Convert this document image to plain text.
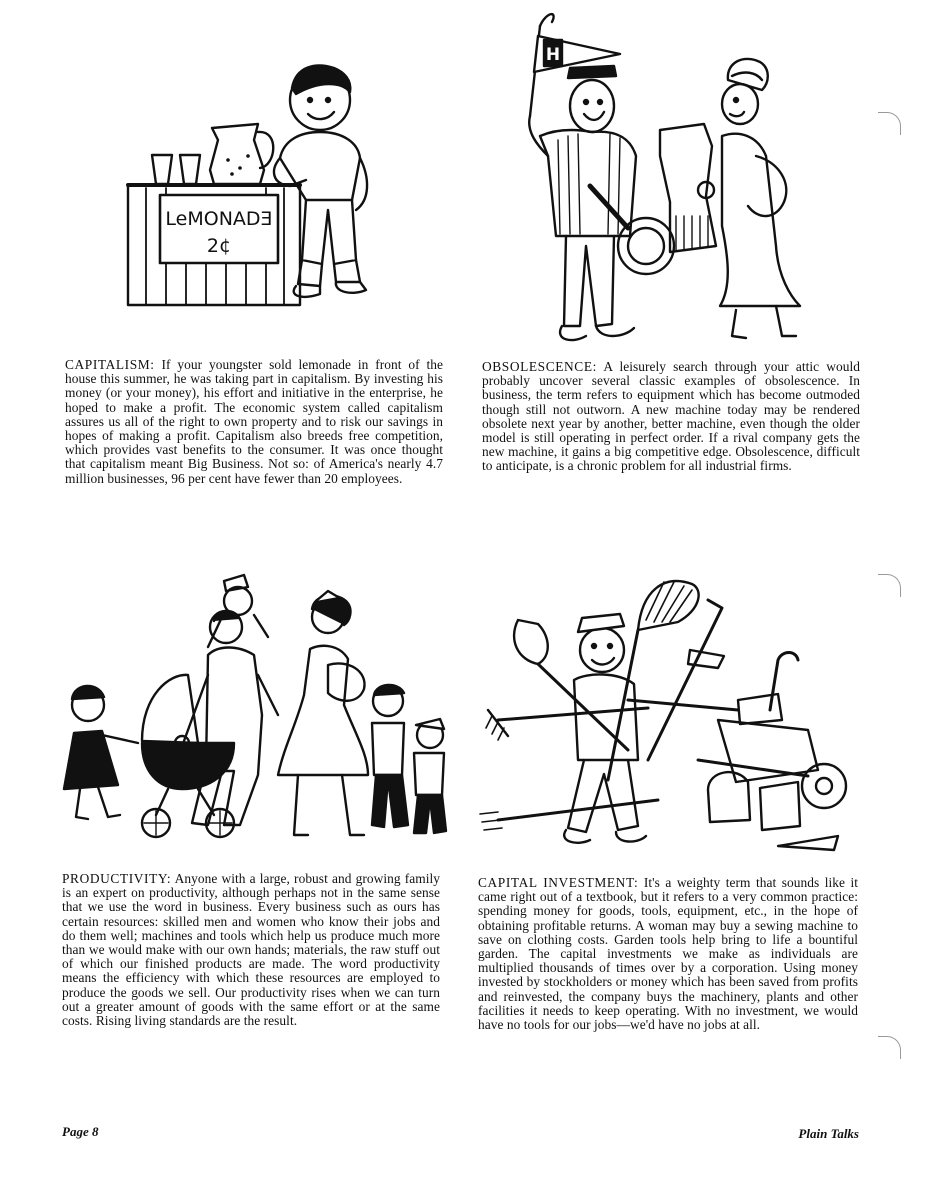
LeMONADƎ
2¢
H
CAPITALISM: If your youngster sold lemonade in front of the house this summer, he was taking part in capitalism. By investing his money (or your money), his effort and initiative in the enterprise, he hoped to make a profit. The economic system called capitalism assures us all of the right to own property and to risk our savings in hopes of making a profit. Capitalism also breeds free competition, which provides vast benefits to the consumer. It was once thought that capitalism meant Big Business. Not so: of America's nearly 4.7 million businesses, 96 per cent have fewer than 20 employees.
OBSOLESCENCE: A leisurely search through your attic would probably uncover several classic examples of obsolescence. In business, the term refers to equipment which has become outmoded though still not outworn. A new machine today may be rendered obsolete next year by another, better machine, even though the older model is still operating in perfect order. If a rival company gets the new machine, it gains a big competitive edge. Obsolescence, difficult to anticipate, is a chronic problem for all industrial firms.
PRODUCTIVITY: Anyone with a large, robust and growing family is an expert on productivity, although perhaps not in the same sense that we use the word in business. Every business such as ours has certain resources: skilled men and women who know their jobs and do them well; machines and tools which help us produce much more than we would make with our own hands; materials, the raw stuff out of which our finished products are made. The word productivity means the efficiency with which these resources are employed to produce the goods we sell. Our productivity rises when we can turn out a greater amount of goods with the same effort or at the same costs. Rising living standards are the result.
CAPITAL INVESTMENT: It's a weighty term that sounds like it came right out of a textbook, but it refers to a very common practice: spending money for goods, tools, equipment, etc., in the hope of obtaining profitable returns. A woman may buy a sewing machine to save on clothing costs. Garden tools help bring to life a bountiful garden. The capital investments we make as individuals are multiplied thousands of times over by a corporation. Using money invested by stockholders or money which has been saved from profits and reinvested, the company buys the machinery, plants and other facilities it needs to keep operating. With no investment, we would have no tools for our jobs—we'd have no jobs at all.
Page 8	Plain Talks
